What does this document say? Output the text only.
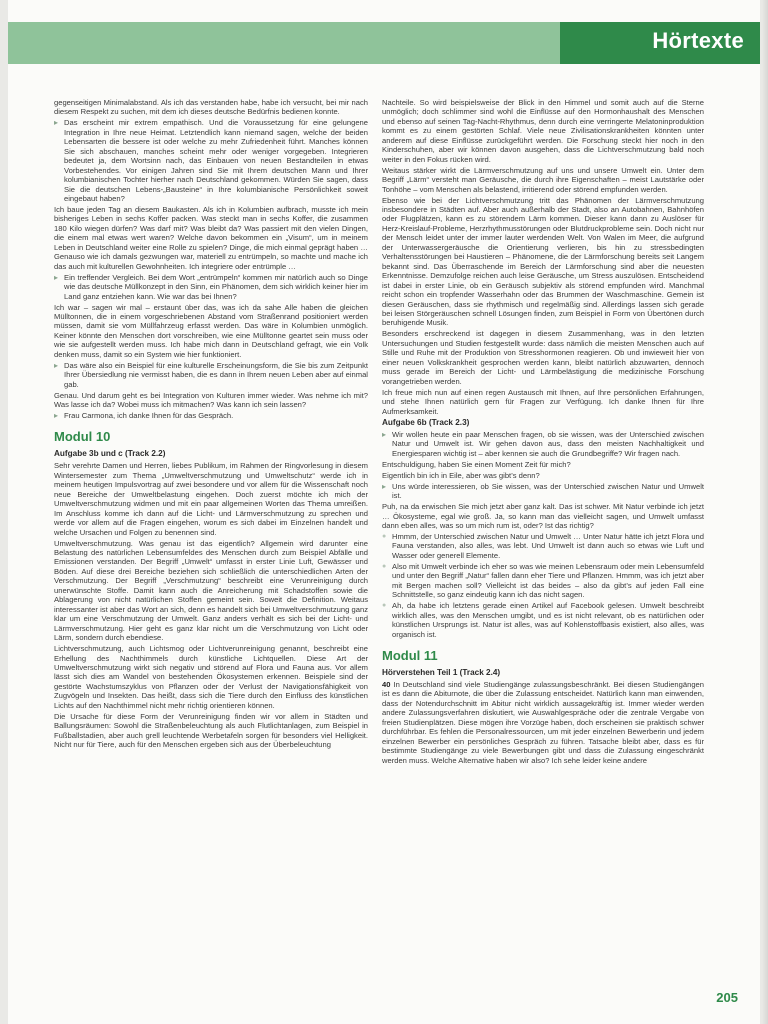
Hörtexte

gegenseitigen Minimalabstand. Als ich das verstanden habe, habe ich versucht, bei mir nach diesem Respekt zu suchen, mit dem ich dieses deutsche Bedürfnis bedienen konnte.

▸ Das erscheint mir extrem empathisch. Und die Voraussetzung für eine gelungene Integration in Ihre neue Heimat. Letztendlich kann niemand sagen, welche der beiden Lebensarten die bessere ist oder welche zu mehr Zufriedenheit führt. Manches können Sie sich abschauen, manches scheint mehr oder weniger vorgegeben. Integrieren bedeutet ja, dem Wortsinn nach, das Einbauen von neuen Bestandteilen in etwas Vorbestehendes. Vor einigen Jahren sind Sie mit Ihrem deutschen Mann und Ihrer kolumbianischen Tochter hierher nach Deutschland gekommen. Würden Sie sagen, dass Sie die deutschen Lebens-„Bausteine“ in Ihre kolumbianische Persönlichkeit soweit eingebaut haben?

Ich baue jeden Tag an diesem Baukasten. Als ich in Kolumbien aufbrach, musste ich mein bisheriges Leben in sechs Koffer packen. Was steckt man in sechs Koffer, die zusammen 180 Kilo wiegen dürfen? Was darf mit? Was bleibt da? Was passiert mit den vielen Dingen, die einem mal etwas wert waren? Welche davon bekommen ein „Visum“, um in meinem Leben in Deutschland weiter eine Rolle zu spielen? Dinge, die mich einmal geprägt haben … Genauso wie ich damals gezwungen war, materiell zu entrümpeln, so machte und mache ich das auch mit kulturellen Gewohnheiten. Ich integriere oder entrümple …

▸ Ein treffender Vergleich. Bei dem Wort „entrümpeln“ kommen mir natürlich auch so Dinge wie das deutsche Müllkonzept in den Sinn, ein Phänomen, dem sich wirklich keiner hier im Land ganz entziehen kann. Wie war das bei Ihnen?

Ich war – sagen wir mal – erstaunt über das, was ich da sahe Alle haben die gleichen Mülltonnen, die in einem vorgeschriebenen Abstand vom Straßenrand positioniert werden müssen, damit sie vom Müllfahrzeug erfasst werden. Das wäre in Kolumbien unmöglich. Keiner könnte den Menschen dort vorschreiben, wie eine Mülltonne geartet sein muss oder wie sie aufgestellt werden muss. Ich habe mich dann in Deutschland gefragt, wie ein Volk denken muss, damit so ein System wie hier funktioniert.

▸ Das wäre also ein Beispiel für eine kulturelle Erscheinungsform, die Sie bis zum Zeitpunkt Ihrer Übersiedlung nie vermisst haben, die es dann in Ihrem neuen Leben aber auf einmal gab.

Genau. Und darum geht es bei Integration von Kulturen immer wieder. Was nehme ich mit? Was lasse ich da? Wobei muss ich mitmachen? Was kann ich sein lassen?

▸ Frau Carmona, ich danke Ihnen für das Gespräch.

Modul 10
Aufgabe 3b und c (Track 2.2)

Sehr verehrte Damen und Herren, liebes Publikum, im Rahmen der Ringvorlesung in diesem Wintersemester zum Thema „Umweltverschmutzung und Umweltschutz“ werde ich in meinem heutigen Impulsvortrag auf zwei besondere und vor allem für die Wissenschaft noch neue Bereiche der Umweltbelastung eingehen. Doch zuerst möchte ich mich der Umweltverschmutzung widmen und mit ein paar allgemeinen Worten das Thema umreißen. Im Anschluss komme ich dann auf die Licht- und Lärmverschmutzung zu sprechen und werde vor allem auf die Fragen eingehen, worum es sich dabei im Einzelnen handelt und welche Ursachen und Folgen zu benennen sind.

Umweltverschmutzung. Was genau ist das eigentlich? Allgemein wird darunter eine Belastung des natürlichen Lebensumfeldes des Menschen durch zum Beispiel Abfälle und Emissionen verstanden. Der Begriff „Umwelt“ umfasst in erster Linie Luft, Gewässer und Böden. Auf diese drei Bereiche beziehen sich schließlich die unterschiedlichen Arten der Verschmutzung. Der Begriff „Verschmutzung“ beschreibt eine Verunreinigung durch unerwünschte Stoffe. Damit kann auch die Anreicherung mit Schadstoffen sowie die Ablagerung von nicht natürlichen Stoffen gemeint sein. Soweit die Definition. Weitaus interessanter ist aber das Wort an sich, denn es handelt sich bei Umweltverschmutzung ganz klar um eine Verschmutzung der Umwelt. Ganz anders verhält es sich bei der Licht- und Lärmverschmutzung. Hier geht es ganz klar nicht um die Verschmutzung von Licht oder Lärm, sondern durch ebendiese.

Lichtverschmutzung, auch Lichtsmog oder Lichtverunreinigung genannt, beschreibt eine Erhellung des Nachthimmels durch künstliche Lichtquellen. Diese Art der Umweltverschmutzung wirkt sich negativ und störend auf Flora und Fauna aus. Vor allem lässt sich dies am Wandel von bestehenden Ökosystemen erkennen. Beispiele sind der gestörte Wachstumszyklus von Pflanzen oder der Verlust der Navigationsfähigkeit von Zugvögeln und Insekten. Das heißt, dass sich die Tiere durch den Einfluss des künstlichen Lichts auf den Nachthimmel nicht mehr richtig orientieren können.

Die Ursache für diese Form der Verunreinigung finden wir vor allem in Städten und Ballungsräumen: Sowohl die Straßenbeleuchtung als auch Flutlichtanlagen, zum Beispiel in Fußballstadien, aber auch grell leuchtende Werbetafeln sorgen für besonders viel Helligkeit. Nicht nur für Tiere, auch für den Menschen ergeben sich aus der Überbeleuchtung

Nachteile. So wird beispielsweise der Blick in den Himmel und somit auch auf die Sterne unmöglich; doch schlimmer sind wohl die Einflüsse auf den Hormonhaushalt des Menschen und ebenso auf seinen Tag-Nacht-Rhythmus, denn durch eine verringerte Melatoninproduktion kommt es zu einem gestörten Schlaf. Viele neue Zivilisationskrankheiten könnten unter anderem auf diese Einflüsse zurückgeführt werden. Die Forschung steckt hier noch in den Kinderschuhen, aber wir können davon ausgehen, dass die Lichtverschmutzung bald noch weiter in den Fokus rücken wird.

Weitaus stärker wirkt die Lärmverschmutzung auf uns und unsere Umwelt ein. Unter dem Begriff „Lärm“ versteht man Geräusche, die durch ihre Eigenschaften – meist Lautstärke oder Tonhöhe – vom Menschen als belastend, irritierend oder störend empfunden werden.

Ebenso wie bei der Lichtverschmutzung tritt das Phänomen der Lärmverschmutzung insbesondere in Städten auf. Aber auch außerhalb der Stadt, also an Autobahnen, Bahnhöfen oder Flugplätzen, kann es zu störendem Lärm kommen. Dieser kann dann zu Auslöser für Herz-Kreislauf-Probleme, Herzrhythmusstörungen oder Blutdruckprobleme sein. Doch nicht nur der Mensch leidet unter der immer lauter werdenden Welt. Von Walen im Meer, die aufgrund der Unterwassergeräusche die Orientierung verlieren, bis hin zu stressbedingten Verhaltensstörungen bei Haustieren – Phänomene, die der Lärmforschung bereits seit Langem bekannt sind. Das Überraschende im Bereich der Lärmforschung sind aber die neuesten Erkenntnisse. Demzufolge reichen auch leise Geräusche, um Stress auszulösen. Entscheidend ist dabei in erster Linie, ob ein Geräusch subjektiv als störend empfunden wird. Manchmal reicht schon ein tropfender Wasserhahn oder das Brummen der Waschmaschine. Gemein ist diesen Geräuschen, dass sie rhythmisch und regelmäßig sind. Allerdings lassen sich gerade bei leisen Störgeräuschen schnell Lösungen finden, zum Beispiel in Form von Übertönen durch beruhigende Musik.

Besonders erschreckend ist dagegen in diesem Zusammenhang, was in den letzten Untersuchungen und Studien festgestellt wurde: dass nämlich die meisten Menschen auch auf Stille und Ruhe mit der Produktion von Stresshormonen reagieren. Ob und inwieweit hier von einer neuen Volkskrankheit gesprochen werden kann, bleibt natürlich abzuwarten, dennoch muss gerade im Bereich der Licht- und Lärmbelästigung die medizinische Forschung vorangetrieben werden.

Ich freue mich nun auf einen regen Austausch mit Ihnen, auf Ihre persönlichen Erfahrungen, und stehe Ihnen natürlich gern für Fragen zur Verfügung. Ich danke Ihnen für Ihre Aufmerksamkeit.

Aufgabe 6b (Track 2.3)

▸ Wir wollen heute ein paar Menschen fragen, ob sie wissen, was der Unterschied zwischen Natur und Umwelt ist. Wir gehen davon aus, dass den meisten Nachhaltigkeit und Energiesparen wichtig ist – aber kennen sie auch die Grundbegriffe? Wir fragen nach.

Entschuldigung, haben Sie einen Moment Zeit für mich?

Eigentlich bin ich in Eile, aber was gibt’s denn?

▸ Uns würde interessieren, ob Sie wissen, was der Unterschied zwischen Natur und Umwelt ist.

Puh, na da erwischen Sie mich jetzt aber ganz kalt. Das ist schwer. Mit Natur verbinde ich jetzt … Ökosysteme, egal wie groß. Ja, so kann man das vielleicht sagen, und Umwelt umfasst dann eben alles, was so um mich rum ist, oder? Ist das richtig?

● Hmmm, der Unterschied zwischen Natur und Umwelt … Unter Natur hätte ich jetzt Flora und Fauna verstanden, also alles, was lebt. Und Umwelt ist dann auch so etwas wie Luft und Wasser oder generell Elemente.

● Also mit Umwelt verbinde ich eher so was wie meinen Lebensraum oder mein Lebensumfeld und unter den Begriff „Natur“ fallen dann eher Tiere und Pflanzen. Hmmm, was ich jetzt aber mit Bergen machen soll? Vielleicht ist das beides – also da gibt’s auf jeden Fall eine Schnittstelle, so ganz eindeutig kann ich das nicht sagen.

● Ah, da habe ich letztens gerade einen Artikel auf Facebook gelesen. Umwelt beschreibt wirklich alles, was den Menschen umgibt, und es ist nicht relevant, ob es natürlichen oder künstlichen Ursprungs ist. Natur ist alles, was auf Kohlenstoffbasis existiert, also alles, was organisch ist.

Modul 11
Hörverstehen Teil 1 (Track 2.4)

40 In Deutschland sind viele Studiengänge zulassungsbeschränkt. Bei diesen Studiengängen ist es dann die Abiturnote, die über die Zulassung entscheidet. Natürlich kann man einwenden, dass der Notendurchschnitt im Abitur nicht wirklich aussagekräftig ist. Immer wieder werden andere Zulassungsverfahren diskutiert, wie Auswahlgespräche oder die zentrale Vergabe von freien Studienplätzen. Diese mögen ihre Vorzüge haben, doch erscheinen sie praktisch schwer durchführbar. Es fehlen die Personalressourcen, um mit jeder einzelnen Bewerberin und jedem einzelnen Bewerber ein persönliches Gespräch zu führen. Tatsache bleibt aber, dass es für bestimmte Studiengänge zu viele Bewerbungen gibt und dass die Zulassung eingeschränkt werden muss. Welche Alternative haben wir also? Ich sehe leider keine andere

205
